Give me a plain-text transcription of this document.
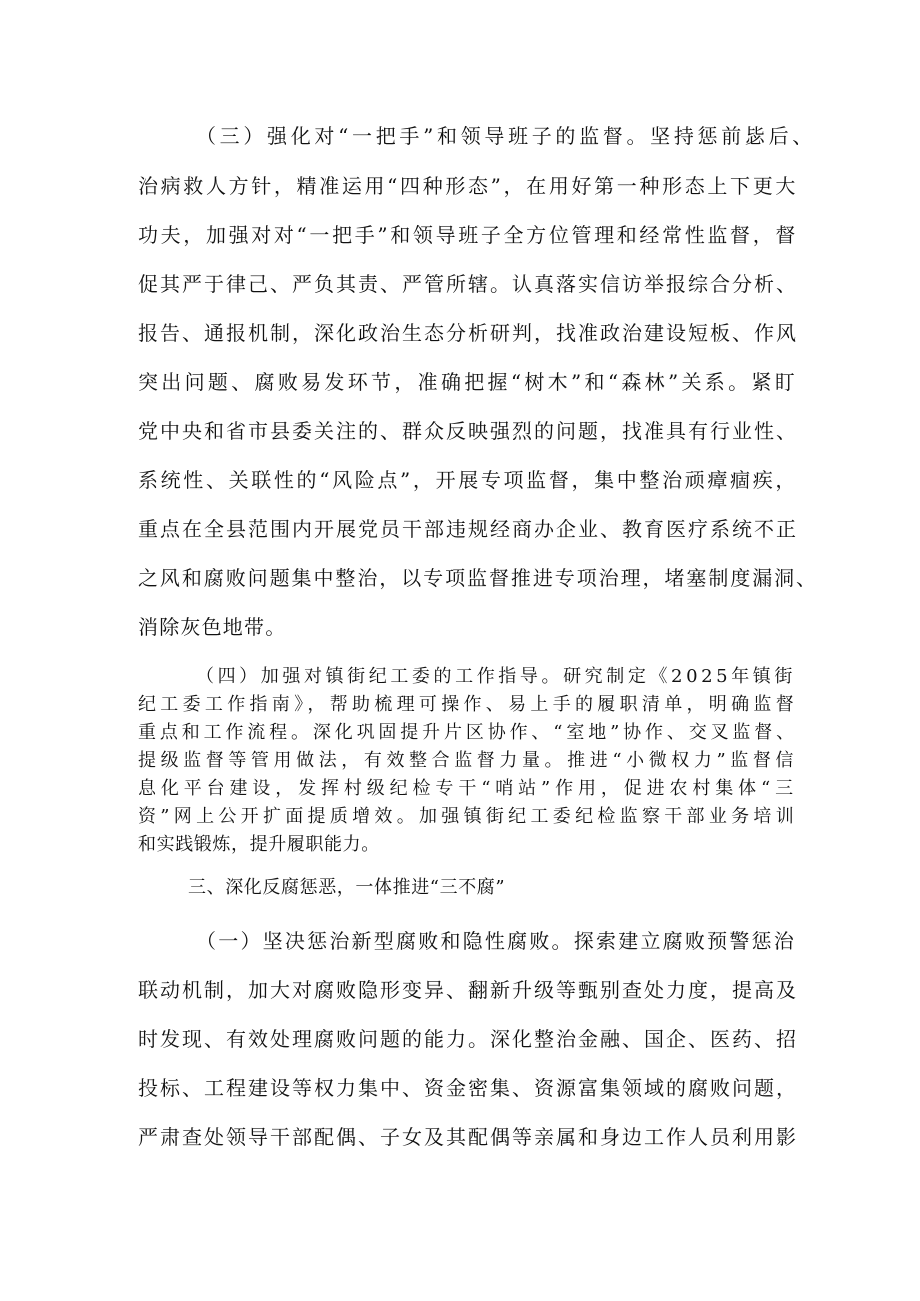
（三）强化对“一把手”和领导班子的监督。坚持惩前毖后、
治病救人方针，精准运用“四种形态”，在用好第一种形态上下更大
功夫，加强对对“一把手”和领导班子全方位管理和经常性监督，督
促其严于律己、严负其责、严管所辖。认真落实信访举报综合分析、
报告、通报机制，深化政治生态分析研判，找准政治建设短板、作风
突出问题、腐败易发环节，准确把握“树木”和“森林”关系。紧盯
党中央和省市县委关注的、群众反映强烈的问题，找准具有行业性、
系统性、关联性的“风险点”，开展专项监督，集中整治顽瘴痼疾，
重点在全县范围内开展党员干部违规经商办企业、教育医疗系统不正
之风和腐败问题集中整治，以专项监督推进专项治理，堵塞制度漏洞、
消除灰色地带。
（四）加强对镇街纪工委的工作指导。研究制定《2025年镇街
纪工委工作指南》，帮助梳理可操作、易上手的履职清单，明确监督
重点和工作流程。深化巩固提升片区协作、“室地”协作、交叉监督、
提级监督等管用做法，有效整合监督力量。推进“小微权力”监督信
息化平台建设，发挥村级纪检专干“哨站”作用，促进农村集体“三
资”网上公开扩面提质增效。加强镇街纪工委纪检监察干部业务培训
和实践锻炼，提升履职能力。
三、深化反腐惩恶，一体推进“三不腐”
（一）坚决惩治新型腐败和隐性腐败。探索建立腐败预警惩治
联动机制，加大对腐败隐形变异、翻新升级等甄别查处力度，提高及
时发现、有效处理腐败问题的能力。深化整治金融、国企、医药、招
投标、工程建设等权力集中、资金密集、资源富集领域的腐败问题，
严肃查处领导干部配偶、子女及其配偶等亲属和身边工作人员利用影
